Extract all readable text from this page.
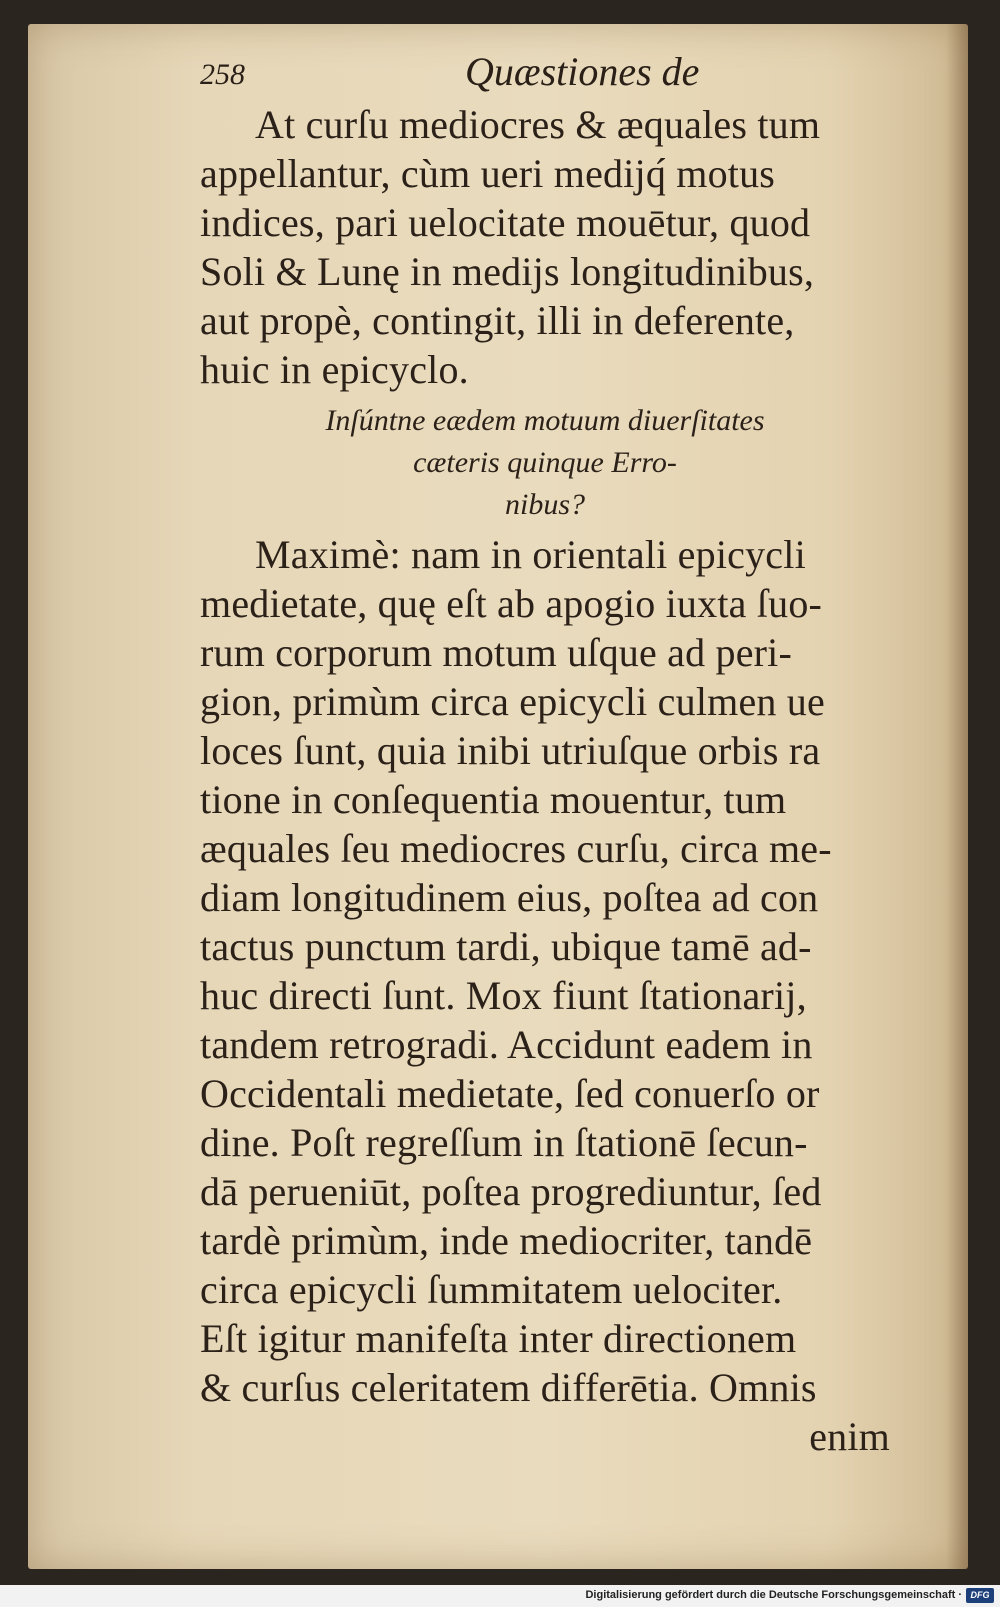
258	Quæstiones de
At curſu mediocres & æquales tum
appellantur, cùm ueri medijq́ motus
indices, pari uelocitate mouētur, quod
Soli & Lunę in medijs longitudinibus,
aut propè, contingit, illi in deferente,
huic in epicyclo.
Inſúntne eædem motuum diuerſitates
cæteris quinque Erro-
nibus?
Maximè: nam in orientali epicycli
medietate, quę eſt ab apogio iuxta ſuo-
rum corporum motum uſque ad peri-
gion, primùm circa epicycli culmen ue
loces ſunt, quia inibi utriuſque orbis ra
tione in conſequentia mouentur, tum
æquales ſeu mediocres curſu, circa me-
diam longitudinem eius, poſtea ad con
tactus punctum tardi, ubique tamē ad-
huc directi ſunt. Mox fiunt ſtationarij,
tandem retrogradi. Accidunt eadem in
Occidentali medietate, ſed conuerſo or
dine. Poſt regreſſum in ſtationē ſecun-
dā perueniūt, poſtea progrediuntur, ſed
tardè primùm, inde mediocriter, tandē
circa epicycli ſummitatem uelociter.
Eſt igitur manifeſta inter directionem
& curſus celeritatem differētia. Omnis
enim
Digitalisierung gefördert durch die Deutsche Forschungsgemeinschaft · DFG
